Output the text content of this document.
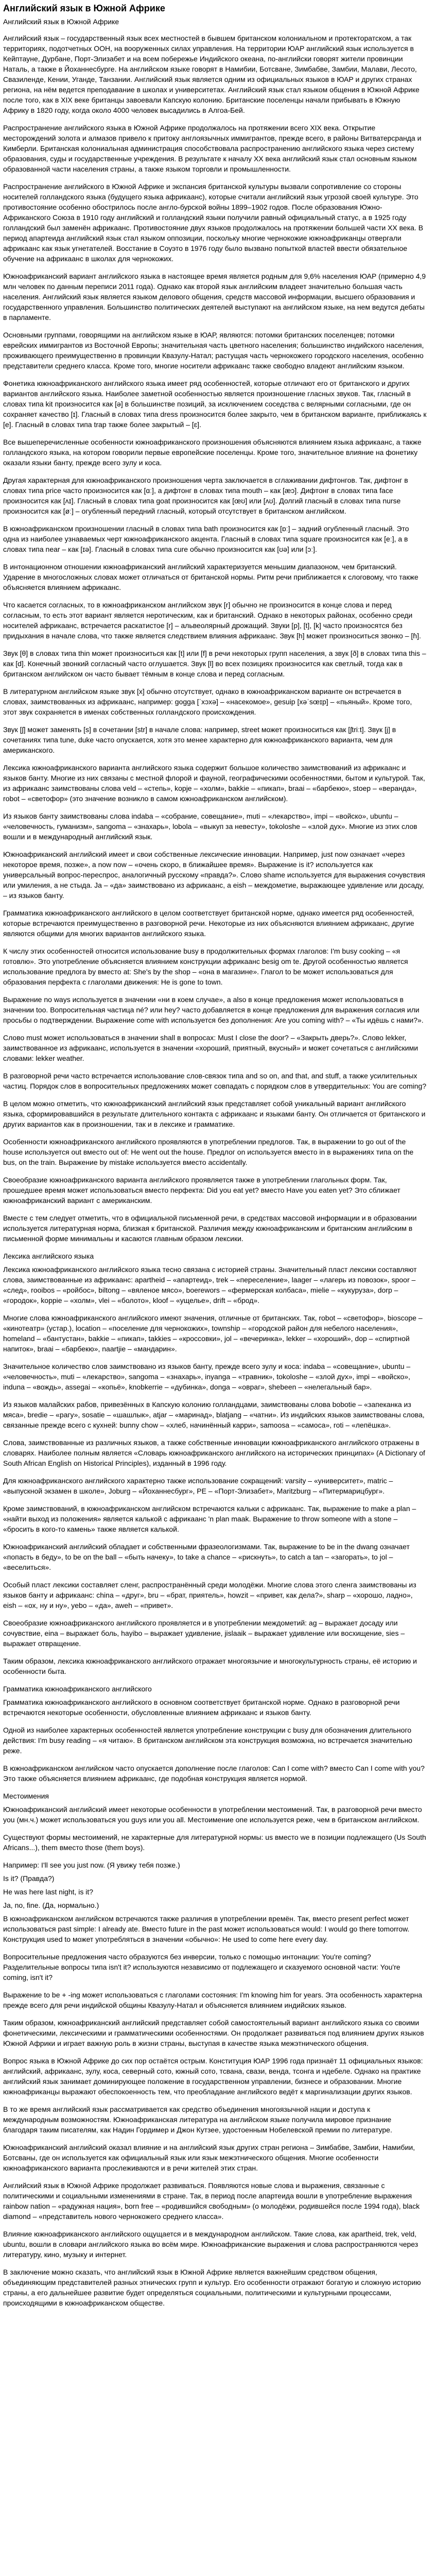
Английский язык в Южной Африке
Английский язык в Южной Африке

Английский язык – государственный язык всех местностей в бывшем британском колониальном и протекторатском, а так территориях, подотчетных ООН, на вооруженных силах управления. На территории ЮАР английский язык используется в Кейптауне, Дурбане, Порт-Элизабет и на всем побережье Индийского океана, по-английски говорят жители провинции Наталь, а также в Йоханнесбурге. На английском языке говорят в Намибии, Ботсване, Зимбабве, Замбии, Малави, Лесото, Свазиленде, Кении, Уганде, Танзании. Английский язык является одним из официальных языков в ЮАР и других странах региона, на нём ведется преподавание в школах и университетах. Английский язык стал языком общения в Южной Африке после того, как в XIX веке британцы завоевали Капскую колонию. Британские поселенцы начали прибывать в Южную Африку в 1820 году, когда около 4000 человек высадились в Алгоа-Бей.

Распространение английского языка в Южной Африке продолжалось на протяжении всего XIX века. Открытие месторождений золота и алмазов привело к притоку англоязычных иммигрантов, прежде всего, в районы Витватерсранда и Кимберли. Британская колониальная администрация способствовала распространению английского языка через систему образования, суды и государственные учреждения. В результате к началу XX века английский язык стал основным языком образованной части населения страны, а также языком торговли и промышленности.

Распространение английского в Южной Африке и экспансия британской культуры вызвали сопротивление со стороны носителей голландского языка (будущего языка африкаанс), которые считали английский язык угрозой своей культуре. Это противостояние особенно обострилось после англо-бурской войны 1899–1902 годов. После образования Южно-Африканского Союза в 1910 году английский и голландский языки получили равный официальный статус, а в 1925 году голландский был заменён африкаанс. Противостояние двух языков продолжалось на протяжении большей части XX века. В период апартеида английский язык стал языком оппозиции, поскольку многие чернокожие южноафриканцы отвергали африкаанс как язык угнетателей. Восстание в Соуэто в 1976 году было вызвано попыткой властей ввести обязательное обучение на африкаанс в школах для чернокожих.

Южноафриканский вариант английского языка в настоящее время является родным для 9,6% населения ЮАР (примерно 4,9 млн человек по данным переписи 2011 года). Однако как второй язык английским владеет значительно большая часть населения. Английский язык является языком делового общения, средств массовой информации, высшего образования и государственного управления. Большинство политических деятелей выступают на английском языке, на нем ведутся дебаты в парламенте.

Основными группами, говорящими на английском языке в ЮАР, являются: потомки британских поселенцев; потомки еврейских иммигрантов из Восточной Европы; значительная часть цветного населения; большинство индийского населения, проживающего преимущественно в провинции Квазулу-Натал; растущая часть чернокожего городского населения, особенно представители среднего класса. Кроме того, многие носители африкаанс также свободно владеют английским языком.

Фонетика южноафриканского английского языка имеет ряд особенностей, которые отличают его от британского и других вариантов английского языка. Наиболее заметной особенностью является произношение гласных звуков. Так, гласный в словах типа kit произносится как [ə] в большинстве позиций, за исключением соседства с велярными согласными, где он сохраняет качество [ɪ]. Гласный в словах типа dress произносится более закрыто, чем в британском варианте, приближаясь к [e]. Гласный в словах типа trap также более закрытый – [ɛ].

Все вышеперечисленные особенности южноафриканского произношения объясняются влиянием языка африкаанс, а также голландского языка, на котором говорили первые европейские поселенцы. Кроме того, значительное влияние на фонетику оказали языки банту, прежде всего зулу и коса.

Другая характерная для южноафриканского произношения черта заключается в сглаживании дифтонгов. Так, дифтонг в словах типа price часто произносится как [ɑː], а дифтонг в словах типа mouth – как [æɔ]. Дифтонг в словах типа face произносится как [ʌɪ]. Гласный в словах типа goat произносится как [œʊ] или [ʌʊ]. Долгий гласный в словах типа nurse произносится как [øː] – огубленный передний гласный, который отсутствует в британском английском.

В южноафриканском произношении гласный в словах типа bath произносится как [ɒː] – задний огубленный гласный. Это одна из наиболее узнаваемых черт южноафриканского акцента. Гласный в словах типа square произносится как [eː], а в словах типа near – как [ɪə]. Гласный в словах типа cure обычно произносится как [ʊə] или [ɔː].

В интонационном отношении южноафриканский английский характеризуется меньшим диапазоном, чем британский. Ударение в многосложных словах может отличаться от британской нормы. Ритм речи приближается к слоговому, что также объясняется влиянием африкаанс.

Что касается согласных, то в южноафриканском английском звук [r] обычно не произносится в конце слова и перед согласным, то есть этот вариант является неротическим, как и британский. Однако в некоторых районах, особенно среди носителей африкаанс, встречается раскатистое [r] – альвеолярный дрожащий. Звуки [p], [t], [k] часто произносятся без придыхания в начале слова, что также является следствием влияния африкаанс. Звук [h] может произноситься звонко – [ɦ].

Звук [θ] в словах типа thin может произноситься как [t] или [f] в речи некоторых групп населения, а звук [ð] в словах типа this – как [d]. Конечный звонкий согласный часто оглушается. Звук [l] во всех позициях произносится как светлый, тогда как в британском английском он часто бывает тёмным в конце слова и перед согласным.

В литературном английском языке звук [x] обычно отсутствует, однако в южноафриканском варианте он встречается в словах, заимствованных из африкаанс, например: gogga [ˈxɔxə] – «насекомое», gesuip [xəˈsœɪp] – «пьяный». Кроме того, этот звук сохраняется в именах собственных голландского происхождения.

Звук [ʃ] может заменять [s] в сочетании [str] в начале слова: например, street может произноситься как [ʃtriːt]. Звук [j] в сочетаниях типа tune, duke часто опускается, хотя это менее характерно для южноафриканского варианта, чем для американского.

Лексика южноафриканского варианта английского языка содержит большое количество заимствований из африкаанс и языков банту. Многие из них связаны с местной флорой и фауной, географическими особенностями, бытом и культурой. Так, из африкаанс заимствованы слова veld – «степь», kopje – «холм», bakkie – «пикап», braai – «барбекю», stoep – «веранда», robot – «светофор» (это значение возникло в самом южноафриканском английском).

Из языков банту заимствованы слова indaba – «собрание, совещание», muti – «лекарство», impi – «войско», ubuntu – «человечность, гуманизм», sangoma – «знахарь», lobola – «выкуп за невесту», tokoloshe – «злой дух». Многие из этих слов вошли и в международный английский язык.

Южноафриканский английский имеет и свои собственные лексические инновации. Например, just now означает «через некоторое время, позже», а now now – «очень скоро, в ближайшее время». Выражение is it? используется как универсальный вопрос-переспрос, аналогичный русскому «правда?». Слово shame используется для выражения сочувствия или умиления, а не стыда. Ja – «да» заимствовано из африкаанс, а eish – междометие, выражающее удивление или досаду, – из языков банту.

Грамматика южноафриканского английского в целом соответствует британской норме, однако имеется ряд особенностей, которые встречаются преимущественно в разговорной речи. Некоторые из них объясняются влиянием африкаанс, другие являются общими для многих вариантов английского языка.

К числу этих особенностей относится использование busy в продолжительных формах глаголов: I'm busy cooking – «я готовлю». Это употребление объясняется влиянием конструкции африкаанс besig om te. Другой особенностью является использование предлога by вместо at: She's by the shop – «она в магазине». Глагол to be может использоваться для образования перфекта с глаголами движения: He is gone to town.

Выражение no ways используется в значении «ни в коем случае», а also в конце предложения может использоваться в значении too. Вопросительная частица né? или hey? часто добавляется в конце предложения для выражения согласия или просьбы о подтверждении. Выражение come with используется без дополнения: Are you coming with? – «Ты идёшь с нами?».

Слово must может использоваться в значении shall в вопросах: Must I close the door? – «Закрыть дверь?». Слово lekker, заимствованное из африкаанс, используется в значении «хороший, приятный, вкусный» и может сочетаться с английскими словами: lekker weather.

В разговорной речи часто встречается использование слов-связок типа and so on, and that, and stuff, а также усилительных частиц. Порядок слов в вопросительных предложениях может совпадать с порядком слов в утвердительных: You are coming?

В целом можно отметить, что южноафриканский английский язык представляет собой уникальный вариант английского языка, сформировавшийся в результате длительного контакта с африкаанс и языками банту. Он отличается от британского и других вариантов как в произношении, так и в лексике и грамматике.

Особенности южноафриканского английского проявляются в употреблении предлогов. Так, в выражении to go out of the house используется out вместо out of: He went out the house. Предлог on используется вместо in в выражениях типа on the bus, on the train. Выражение by mistake используется вместо accidentally.

Своеобразие южноафриканского варианта английского проявляется также в употреблении глагольных форм. Так, прошедшее время может использоваться вместо перфекта: Did you eat yet? вместо Have you eaten yet? Это сближает южноафриканский вариант с американским.

Вместе с тем следует отметить, что в официальной письменной речи, в средствах массовой информации и в образовании используется литературная норма, близкая к британской. Различия между южноафриканским и британским английским в письменной форме минимальны и касаются главным образом лексики.

Лексика английского языка

Лексика южноафриканского английского языка тесно связана с историей страны. Значительный пласт лексики составляют слова, заимствованные из африкаанс: apartheid – «апартеид», trek – «переселение», laager – «лагерь из повозок», spoor – «след», rooibos – «ройбос», biltong – «вяленое мясо», boerewors – «фермерская колбаса», mielie – «кукуруза», dorp – «городок», koppie – «холм», vlei – «болото», kloof – «ущелье», drift – «брод».

Многие слова южноафриканского английского имеют значения, отличные от британских. Так, robot – «светофор», bioscope – «кинотеатр» (устар.), location – «поселение для чернокожих», township – «городской район для небелого населения», homeland – «бантустан», bakkie – «пикап», takkies – «кроссовки», jol – «вечеринка», lekker – «хороший», dop – «спиртной напиток», braai – «барбекю», naartjie – «мандарин».

Значительное количество слов заимствовано из языков банту, прежде всего зулу и коса: indaba – «совещание», ubuntu – «человечность», muti – «лекарство», sangoma – «знахарь», inyanga – «травник», tokoloshe – «злой дух», impi – «войско», induna – «вождь», assegai – «копьё», knobkerrie – «дубинка», donga – «овраг», shebeen – «нелегальный бар».

Из языков малайских рабов, привезённых в Капскую колонию голландцами, заимствованы слова bobotie – «запеканка из мяса», bredie – «рагу», sosatie – «шашлык», atjar – «маринад», blatjang – «чатни». Из индийских языков заимствованы слова, связанные прежде всего с кухней: bunny chow – «хлеб, начинённый карри», samoosa – «самоса», roti – «лепёшка».

Слова, заимствованные из различных языков, а также собственные инновации южноафриканского английского отражены в словарях. Наиболее полным является «Словарь южноафриканского английского на исторических принципах» (A Dictionary of South African English on Historical Principles), изданный в 1996 году.

Для южноафриканского английского характерно также использование сокращений: varsity – «университет», matric – «выпускной экзамен в школе», Joburg – «Йоханнесбург», PE – «Порт-Элизабет», Maritzburg – «Питермарицбург».

Кроме заимствований, в южноафриканском английском встречаются кальки с африкаанс. Так, выражение to make a plan – «найти выход из положения» является калькой с африкаанс 'n plan maak. Выражение to throw someone with a stone – «бросить в кого-то камень» также является калькой.

Южноафриканский английский обладает и собственными фразеологизмами. Так, выражение to be in the dwang означает «попасть в беду», to be on the ball – «быть начеку», to take a chance – «рискнуть», to catch a tan – «загорать», to jol – «веселиться».

Особый пласт лексики составляет сленг, распространённый среди молодёжи. Многие слова этого сленга заимствованы из языков банту и африкаанс: china – «друг», bru – «брат, приятель», howzit – «привет, как дела?», sharp – «хорошо, ладно», eish – «ох, ну и ну», yebo – «да», aweh – «привет».

Своеобразие южноафриканского английского проявляется и в употреблении междометий: ag – выражает досаду или сочувствие, eina – выражает боль, hayibo – выражает удивление, jislaaik – выражает удивление или восхищение, sies – выражает отвращение.

Таким образом, лексика южноафриканского английского отражает многоязычие и многокультурность страны, её историю и особенности быта.

Грамматика южноафриканского английского

Грамматика южноафриканского английского в основном соответствует британской норме. Однако в разговорной речи встречаются некоторые особенности, обусловленные влиянием африкаанс и языков банту.

Одной из наиболее характерных особенностей является употребление конструкции с busy для обозначения длительного действия: I'm busy reading – «я читаю». В британском английском эта конструкция возможна, но встречается значительно реже.

В южноафриканском английском часто опускается дополнение после глаголов: Can I come with? вместо Can I come with you? Это также объясняется влиянием африкаанс, где подобная конструкция является нормой.

Местоимения

Южноафриканский английский имеет некоторые особенности в употреблении местоимений. Так, в разговорной речи вместо you (мн.ч.) может использоваться you guys или you all. Местоимение one используется реже, чем в британском английском.

Существуют формы местоимений, не характерные для литературной нормы: us вместо we в позиции подлежащего (Us South Africans...), them вместо those (them boys).

Например: I'll see you just now. (Я увижу тебя позже.)

Is it? (Правда?)

He was here last night, is it?

Ja, no, fine. (Да, нормально.)

В южноафриканском английском встречаются также различия в употреблении времён. Так, вместо present perfect может использоваться past simple: I already ate. Вместо future in the past может использоваться would: I would go there tomorrow. Конструкция used to может употребляться в значении «обычно»: He used to come here every day.

Вопросительные предложения часто образуются без инверсии, только с помощью интонации: You're coming? Разделительные вопросы типа isn't it? используются независимо от подлежащего и сказуемого основной части: You're coming, isn't it?

Выражение to be + -ing может использоваться с глаголами состояния: I'm knowing him for years. Эта особенность характерна прежде всего для речи индийской общины Квазулу-Натал и объясняется влиянием индийских языков.

Таким образом, южноафриканский английский представляет собой самостоятельный вариант английского языка со своими фонетическими, лексическими и грамматическими особенностями. Он продолжает развиваться под влиянием других языков Южной Африки и играет важную роль в жизни страны, выступая в качестве языка межэтнического общения.

Вопрос языка в Южной Африке до сих пор остаётся острым. Конституция ЮАР 1996 года признаёт 11 официальных языков: английский, африкаанс, зулу, коса, северный сото, южный сото, тсвана, свази, венда, тсонга и ндебеле. Однако на практике английский язык занимает доминирующее положение в государственном управлении, бизнесе и образовании. Многие южноафриканцы выражают обеспокоенность тем, что преобладание английского ведёт к маргинализации других языков.

В то же время английский язык рассматривается как средство объединения многоязычной нации и доступа к международным возможностям. Южноафриканская литература на английском языке получила мировое признание благодаря таким писателям, как Надин Гордимер и Джон Кутзее, удостоенным Нобелевской премии по литературе.

Южноафриканский английский оказал влияние и на английский язык других стран региона – Зимбабве, Замбии, Намибии, Ботсваны, где он используется как официальный язык или язык межэтнического общения. Многие особенности южноафриканского варианта прослеживаются и в речи жителей этих стран.

Английский язык в Южной Африке продолжает развиваться. Появляются новые слова и выражения, связанные с политическими и социальными изменениями в стране. Так, в период после апартеида вошли в употребление выражения rainbow nation – «радужная нация», born free – «родившийся свободным» (о молодёжи, родившейся после 1994 года), black diamond – «представитель нового чернокожего среднего класса».

Влияние южноафриканского английского ощущается и в международном английском. Такие слова, как apartheid, trek, veld, ubuntu, вошли в словари английского языка во всём мире. Южноафриканские выражения и слова распространяются через литературу, кино, музыку и интернет.

В заключение можно сказать, что английский язык в Южной Африке является важнейшим средством общения, объединяющим представителей разных этнических групп и культур. Его особенности отражают богатую и сложную историю страны, а его дальнейшее развитие будет определяться социальными, политическими и культурными процессами, происходящими в южноафриканском обществе.
